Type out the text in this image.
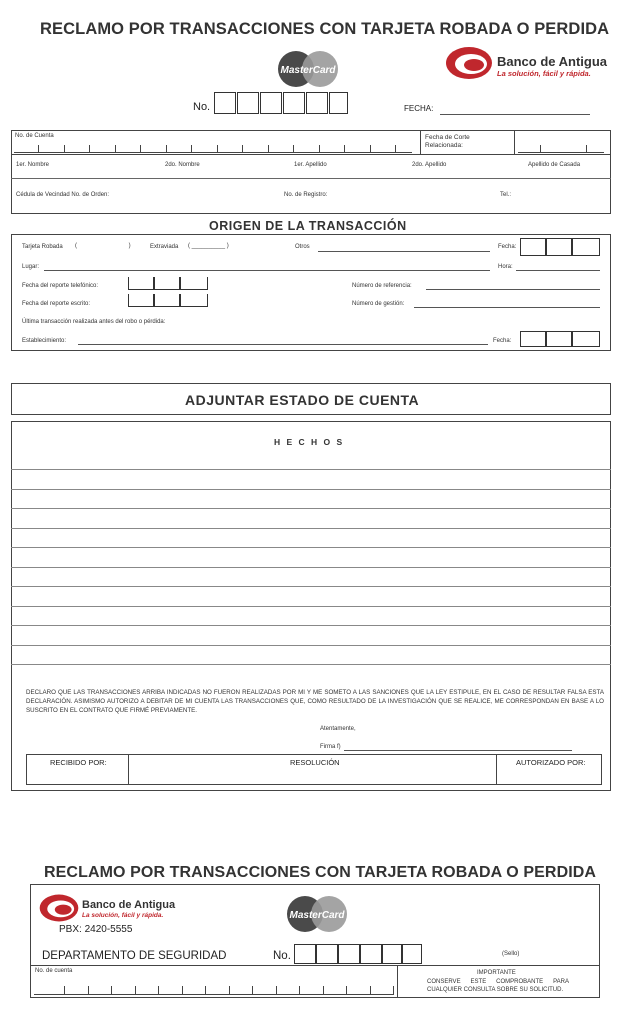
RECLAMO POR TRANSACCIONES CON TARJETA ROBADA O PERDIDA
MasterCard
Banco de Antigua
La solución, fácil y rápida.
No.	FECHA:
No. de Cuenta	Fecha de Corte
Relacionada:
1er. Nombre	2do. Nombre	1er. Apellido	2do. Apellido	Apellido de Casada
Cédula de Vecindad No. de Orden:	No. de Registro:	Tel.:
ORIGEN DE LA TRANSACCIÓN
Tarjeta Robada (                               )	Extraviada ( __________ )	Otros	Fecha:
Lugar:	Hora:
Fecha del reporte telefónico:	Número de referencia:
Fecha del reporte escrito:	Número de gestión:
Última transacción realizada antes del robo o pérdida:
Establecimiento:	Fecha:
ADJUNTAR ESTADO DE CUENTA
H E C H O S
DECLARO QUE LAS TRANSACCIONES ARRIBA INDICADAS NO FUERON REALIZADAS POR MI Y ME SOMETO A LAS SANCIONES QUE LA LEY ESTIPULE, EN EL CASO DE RESULTAR FALSA ESTA DECLARACIÓN. ASIMISMO AUTORIZO A DEBITAR DE MI CUENTA LAS TRANSACCIONES QUE, COMO RESULTADO DE LA INVESTIGACIÓN QUE SE REALICE, ME CORRESPONDAN EN BASE A LO SUSCRITO EN EL CONTRATO QUE FIRMÉ PREVIAMENTE.
Atentamente,
Firma f)
RECIBIDO POR:	RESOLUCIÓN	AUTORIZADO POR:
RECLAMO POR TRANSACCIONES CON TARJETA ROBADA O PERDIDA
Banco de Antigua
La solución, fácil y rápida.
PBX: 2420-5555
MasterCard
DEPARTAMENTO DE SEGURIDAD	No.	(Sello)
No. de cuenta	IMPORTANTE
CONSERVE ESTE COMPROBANTE PARA CUALQUIER CONSULTA SOBRE SU SOLICITUD.
